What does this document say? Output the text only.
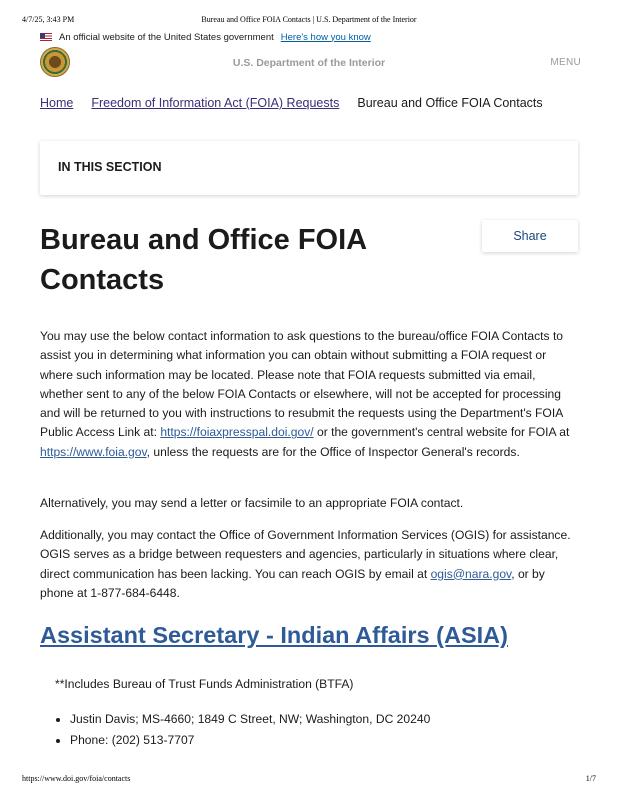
4/7/25, 3:43 PM	Bureau and Office FOIA Contacts | U.S. Department of the Interior
An official website of the United States government Here's how you know
U.S. Department of the Interior	MENU
Home Freedom of Information Act (FOIA) Requests Bureau and Office FOIA Contacts
IN THIS SECTION
Bureau and Office FOIA Contacts
Share

You may use the below contact information to ask questions to the bureau/office FOIA Contacts to assist you in determining what information you can obtain without submitting a FOIA request or where such information may be located. Please note that FOIA requests submitted via email, whether sent to any of the below FOIA Contacts or elsewhere, will not be accepted for processing and will be returned to you with instructions to resubmit the requests using the Department's FOIA Public Access Link at: https://foiaxpresspal.doi.gov/ or the government's central website for FOIA at https://www.foia.gov, unless the requests are for the Office of Inspector General's records.

Alternatively, you may send a letter or facsimile to an appropriate FOIA contact.

Additionally, you may contact the Office of Government Information Services (OGIS) for assistance. OGIS serves as a bridge between requesters and agencies, particularly in situations where clear, direct communication has been lacking. You can reach OGIS by email at ogis@nara.gov, or by phone at 1-877-684-6448.

Assistant Secretary - Indian Affairs (ASIA)
**Includes Bureau of Trust Funds Administration (BTFA)
• Justin Davis; MS-4660; 1849 C Street, NW; Washington, DC 20240
• Phone: (202) 513-7707
https://www.doi.gov/foia/contacts	1/7
